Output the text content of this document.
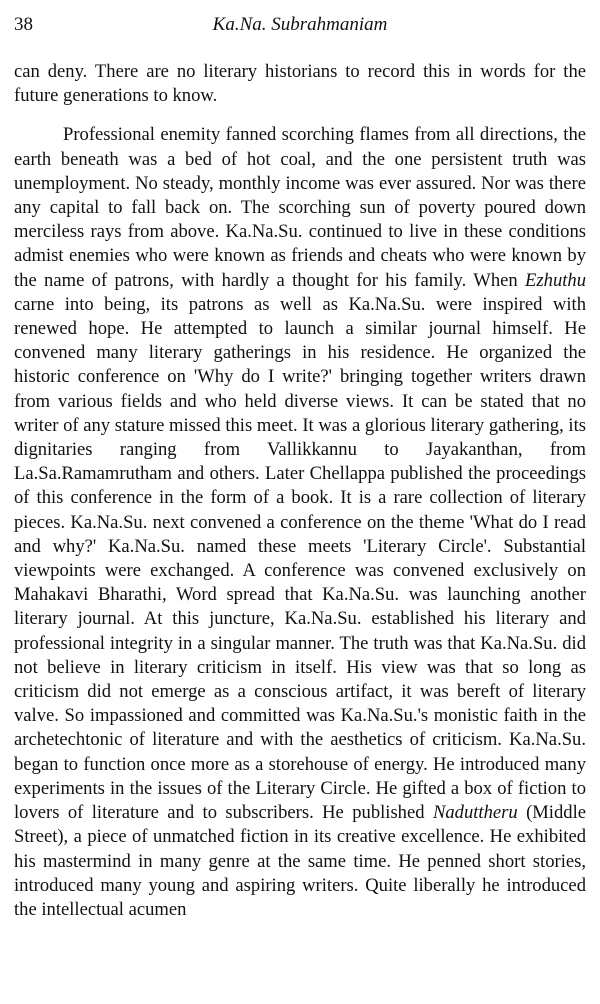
38	Ka.Na. Subrahmaniam

can deny. There are no literary historians to record this in words for the future generations to know.

Professional enemity fanned scorching flames from all directions, the earth beneath was a bed of hot coal, and the one persistent truth was unemployment. No steady, monthly income was ever assured. Nor was there any capital to fall back on. The scorching sun of poverty poured down merciless rays from above. Ka.Na.Su. continued to live in these conditions admist enemies who were known as friends and cheats who were known by the name of patrons, with hardly a thought for his family. When Ezhuthu carne into being, its patrons as well as Ka.Na.Su. were inspired with renewed hope. He attempted to launch a similar journal himself. He convened many literary gatherings in his residence. He organized the historic conference on 'Why do I write?' bringing together writers drawn from various fields and who held diverse views. It can be stated that no writer of any stature missed this meet. It was a glorious literary gathering, its dignitaries ranging from Vallikkannu to Jayakanthan, from La.Sa.Ramamrutham and others. Later Chellappa published the proceedings of this conference in the form of a book. It is a rare collection of literary pieces. Ka.Na.Su. next convened a conference on the theme 'What do I read and why?' Ka.Na.Su. named these meets 'Literary Circle'. Substantial viewpoints were exchanged. A conference was convened exclusively on Mahakavi Bharathi, Word spread that Ka.Na.Su. was launching another literary journal. At this juncture, Ka.Na.Su. established his literary and professional integrity in a singular manner. The truth was that Ka.Na.Su. did not believe in literary criticism in itself. His view was that so long as criticism did not emerge as a conscious artifact, it was bereft of literary valve. So impassioned and committed was Ka.Na.Su.'s monistic faith in the archetechtonic of literature and with the aesthetics of criticism. Ka.Na.Su. began to function once more as a storehouse of energy. He introduced many experiments in the issues of the Literary Circle. He gifted a box of fiction to lovers of literature and to subscribers. He published Naduttheru (Middle Street), a piece of unmatched fiction in its creative excellence. He exhibited his mastermind in many genre at the same time. He penned short stories, introduced many young and aspiring writers. Quite liberally he introduced the intellectual acumen
